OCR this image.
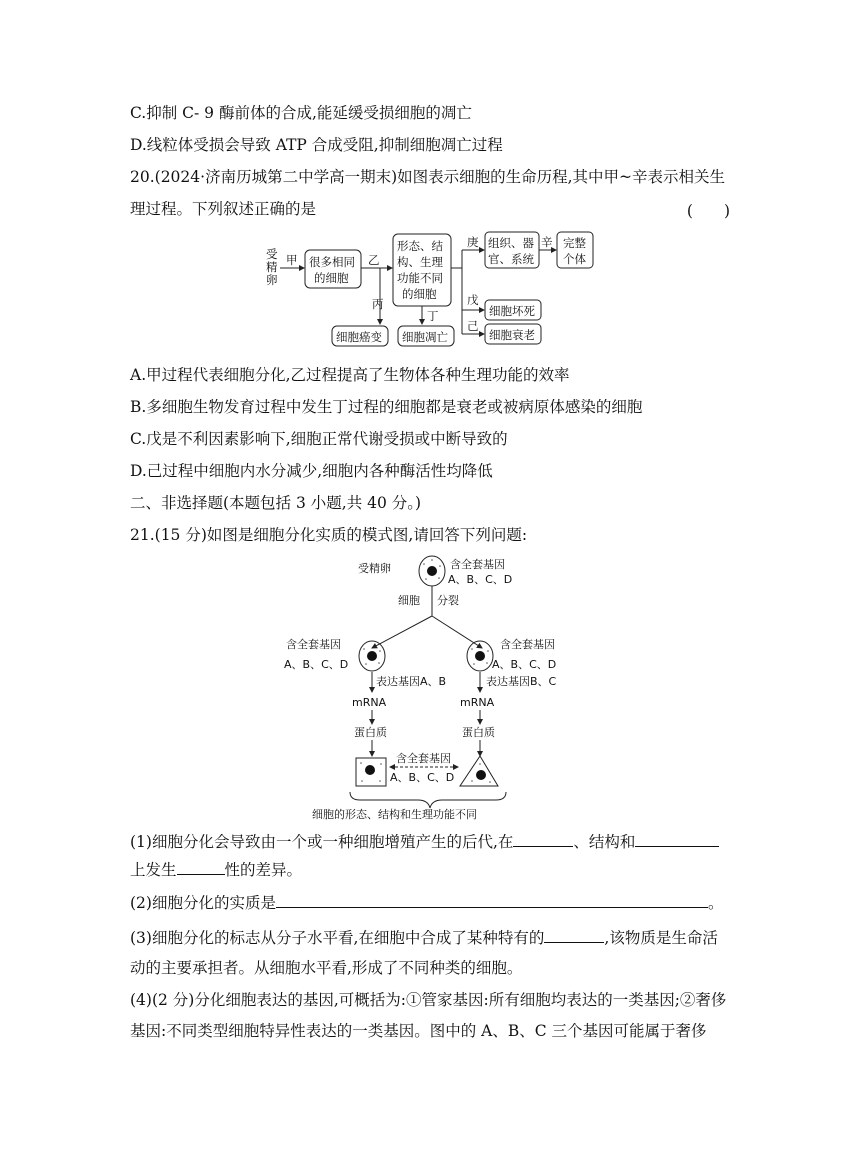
C.抑制 C‑ 9 酶前体的合成,能延缓受损细胞的凋亡
D.线粒体受损会导致 ATP 合成受阻,抑制细胞凋亡过程
20.(2024·济南历城第二中学高一期末)如图表示细胞的生命历程,其中甲~辛表示相关生
理过程。下列叙述正确的是	(　　)
受精卵
甲 很多相同
的细胞
乙
丙
细胞癌变
形态、结
构、生理
功能不同
的细胞
丁
细胞凋亡
庚 组织、器
官、系统
辛 完整
个体
戊
细胞坏死
己
细胞衰老
A.甲过程代表细胞分化,乙过程提高了生物体各种生理功能的效率
B.多细胞生物发育过程中发生丁过程的细胞都是衰老或被病原体感染的细胞
C.戊是不利因素影响下,细胞正常代谢受损或中断导致的
D.己过程中细胞内水分减少,细胞内各种酶活性均降低
二、非选择题(本题包括 3 小题,共 40 分。)
21.(15 分)如图是细胞分化实质的模式图,请回答下列问题:
受精卵	含全套基因
A、B、C、D
细胞 分裂
含全套基因
A、B、C、D
含全套基因
A、B、C、D
表达基因A、B
mRNA
蛋白质
表达基因B、C
mRNA
蛋白质
含全套基因
A、B、C、D
细胞的形态、结构和生理功能不同
(1)细胞分化会导致由一个或一种细胞增殖产生的后代,在	、结构和
上发生	性的差异。
(2)细胞分化的实质是	。
(3)细胞分化的标志从分子水平看,在细胞中合成了某种特有的	,该物质是生命活
动的主要承担者。从细胞水平看,形成了不同种类的细胞。
(4)(2 分)分化细胞表达的基因,可概括为:①管家基因:所有细胞均表达的一类基因;②奢侈
基因:不同类型细胞特异性表达的一类基因。图中的 A、B、C 三个基因可能属于奢侈
